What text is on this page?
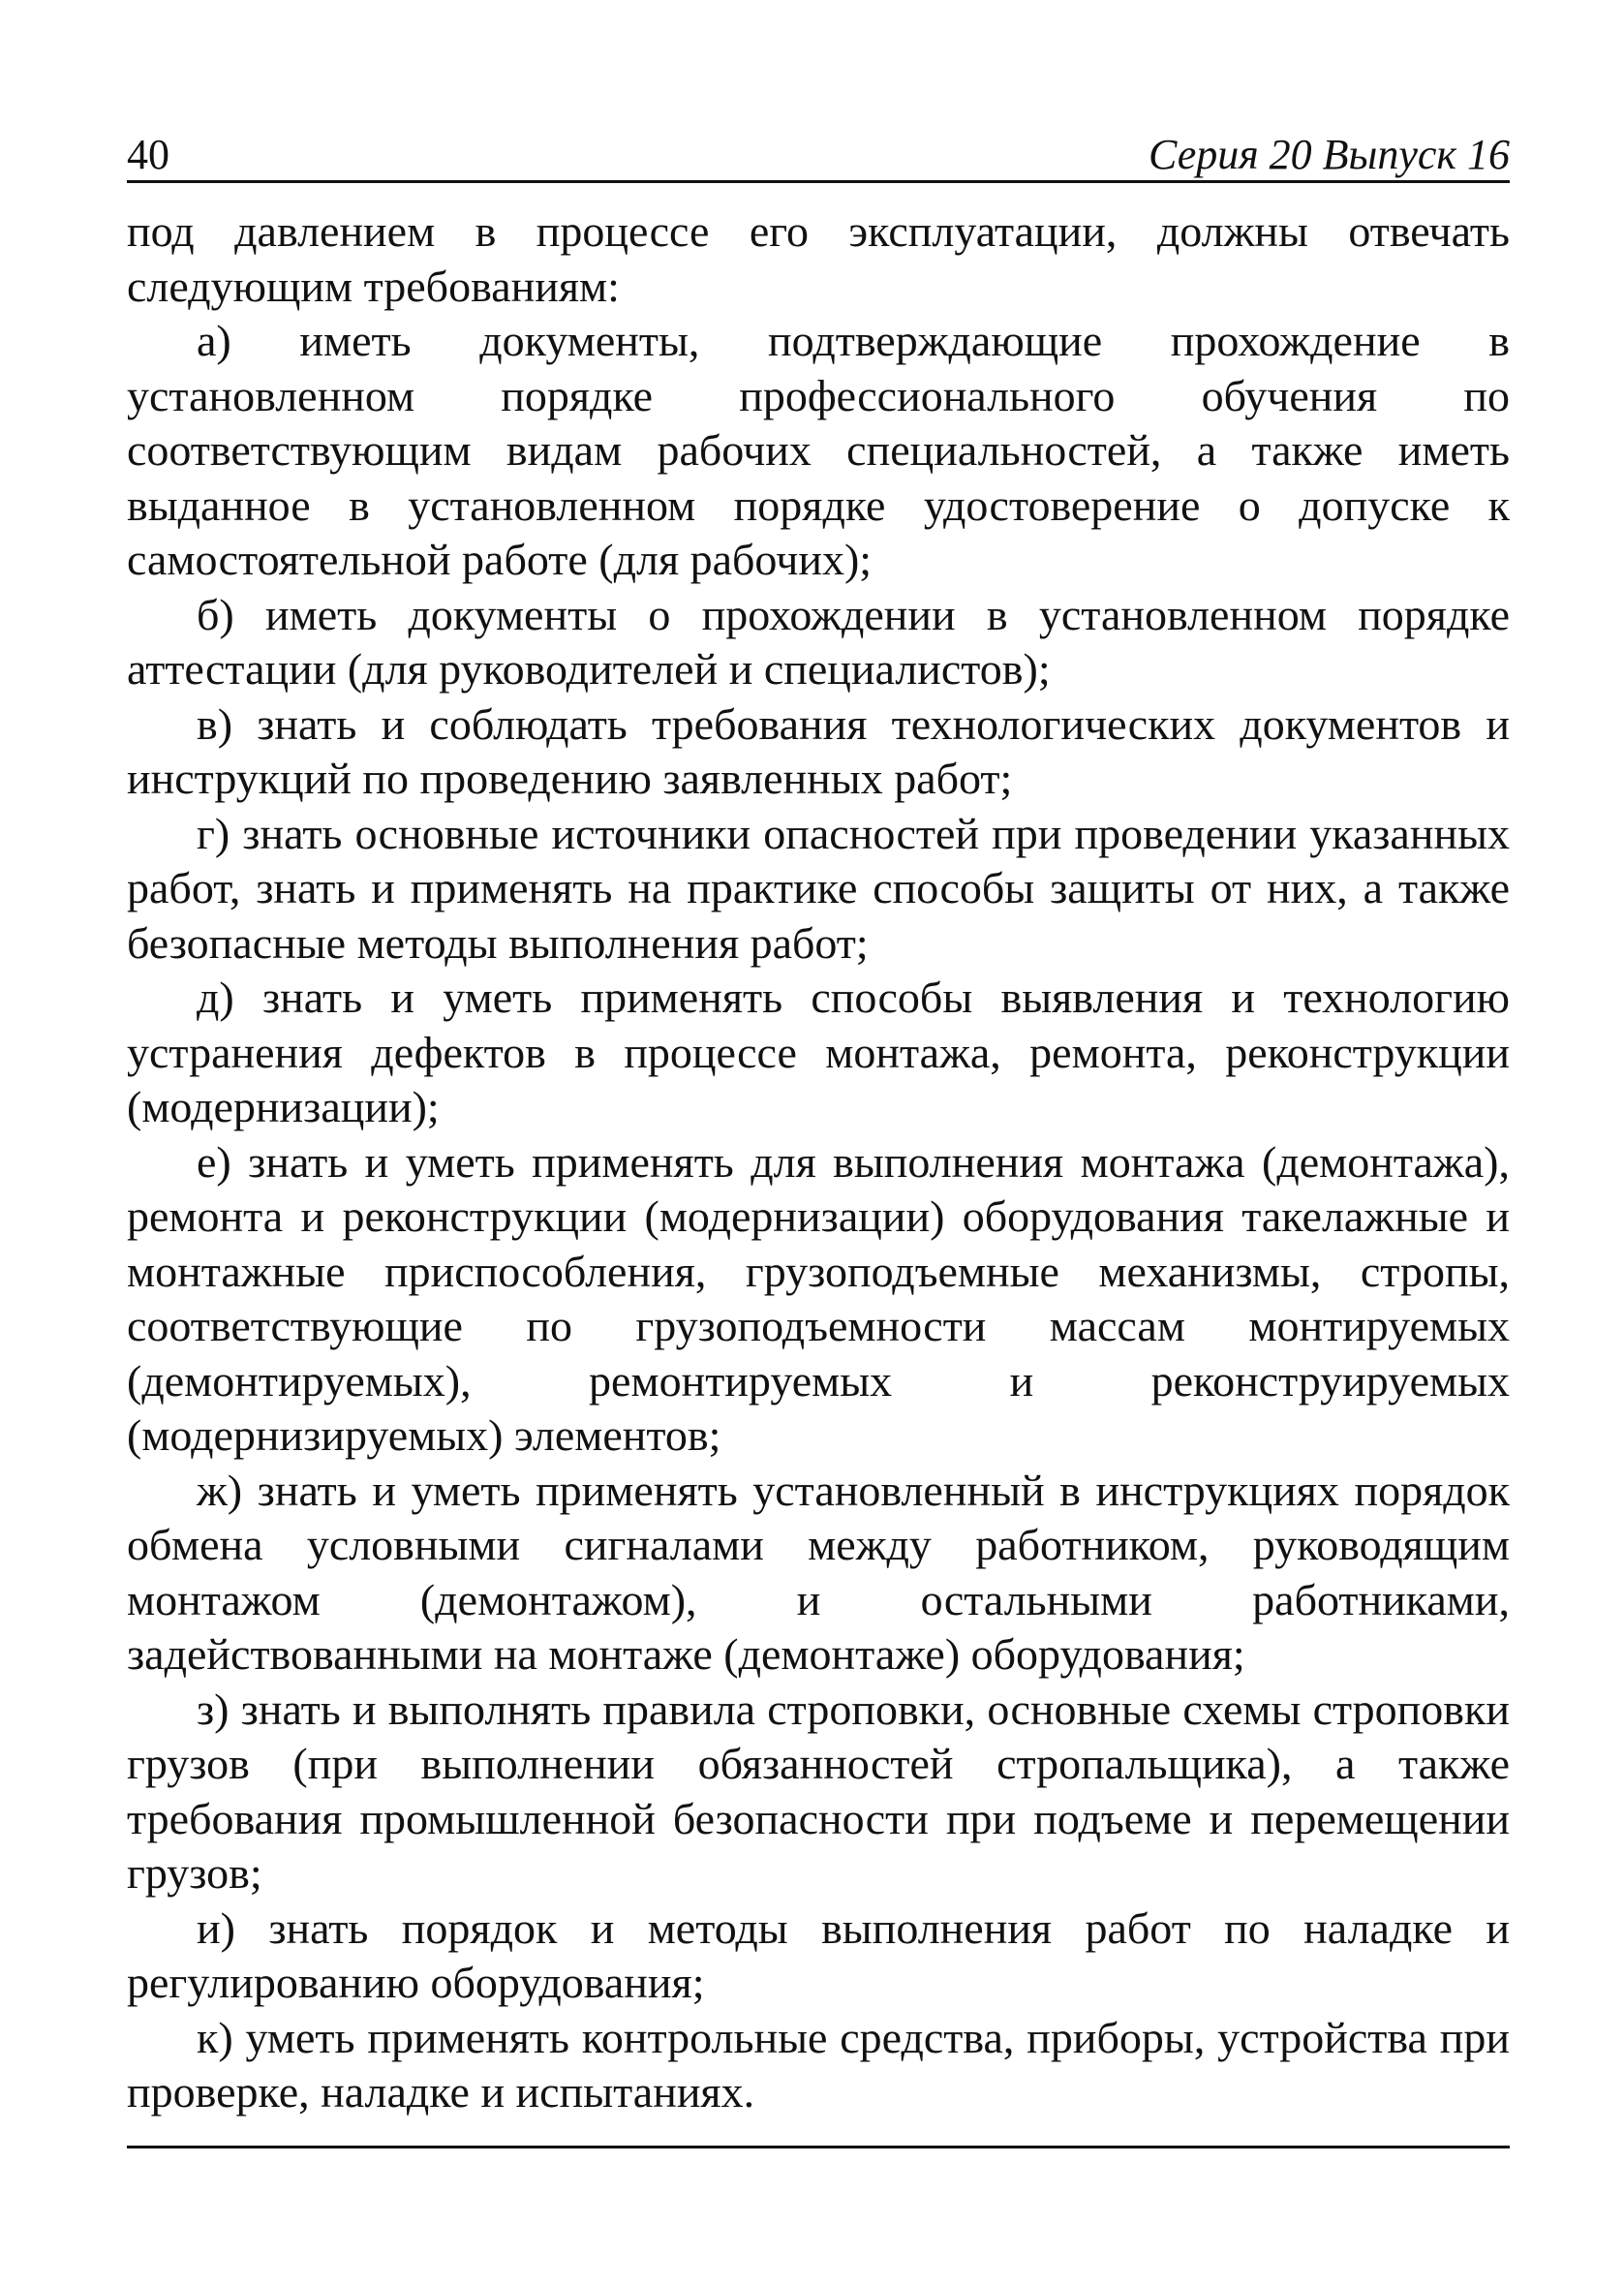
40	Серия 20 Выпуск 16

под давлением в процессе его эксплуатации, должны отвечать следующим требованиям:

а) иметь документы, подтверждающие прохождение в установленном порядке профессионального обучения по соответствующим видам рабочих специальностей, а также иметь выданное в установленном порядке удостоверение о допуске к самостоятельной работе (для рабочих);

б) иметь документы о прохождении в установленном порядке аттестации (для руководителей и специалистов);

в) знать и соблюдать требования технологических документов и инструкций по проведению заявленных работ;

г) знать основные источники опасностей при проведении указанных работ, знать и применять на практике способы защиты от них, а также безопасные методы выполнения работ;

д) знать и уметь применять способы выявления и технологию устранения дефектов в процессе монтажа, ремонта, реконструкции (модернизации);

е) знать и уметь применять для выполнения монтажа (демонтажа), ремонта и реконструкции (модернизации) оборудования такелажные и монтажные приспособления, грузоподъемные механизмы, стропы, соответствующие по грузоподъемности массам монтируемых (демонтируемых), ремонтируемых и реконструируемых (модернизируемых) элементов;

ж) знать и уметь применять установленный в инструкциях порядок обмена условными сигналами между работником, руководящим монтажом (демонтажом), и остальными работниками, задействованными на монтаже (демонтаже) оборудования;

з) знать и выполнять правила строповки, основные схемы строповки грузов (при выполнении обязанностей стропальщика), а также требования промышленной безопасности при подъеме и перемещении грузов;

и) знать порядок и методы выполнения работ по наладке и регулированию оборудования;

к) уметь применять контрольные средства, приборы, устройства при проверке, наладке и испытаниях.
